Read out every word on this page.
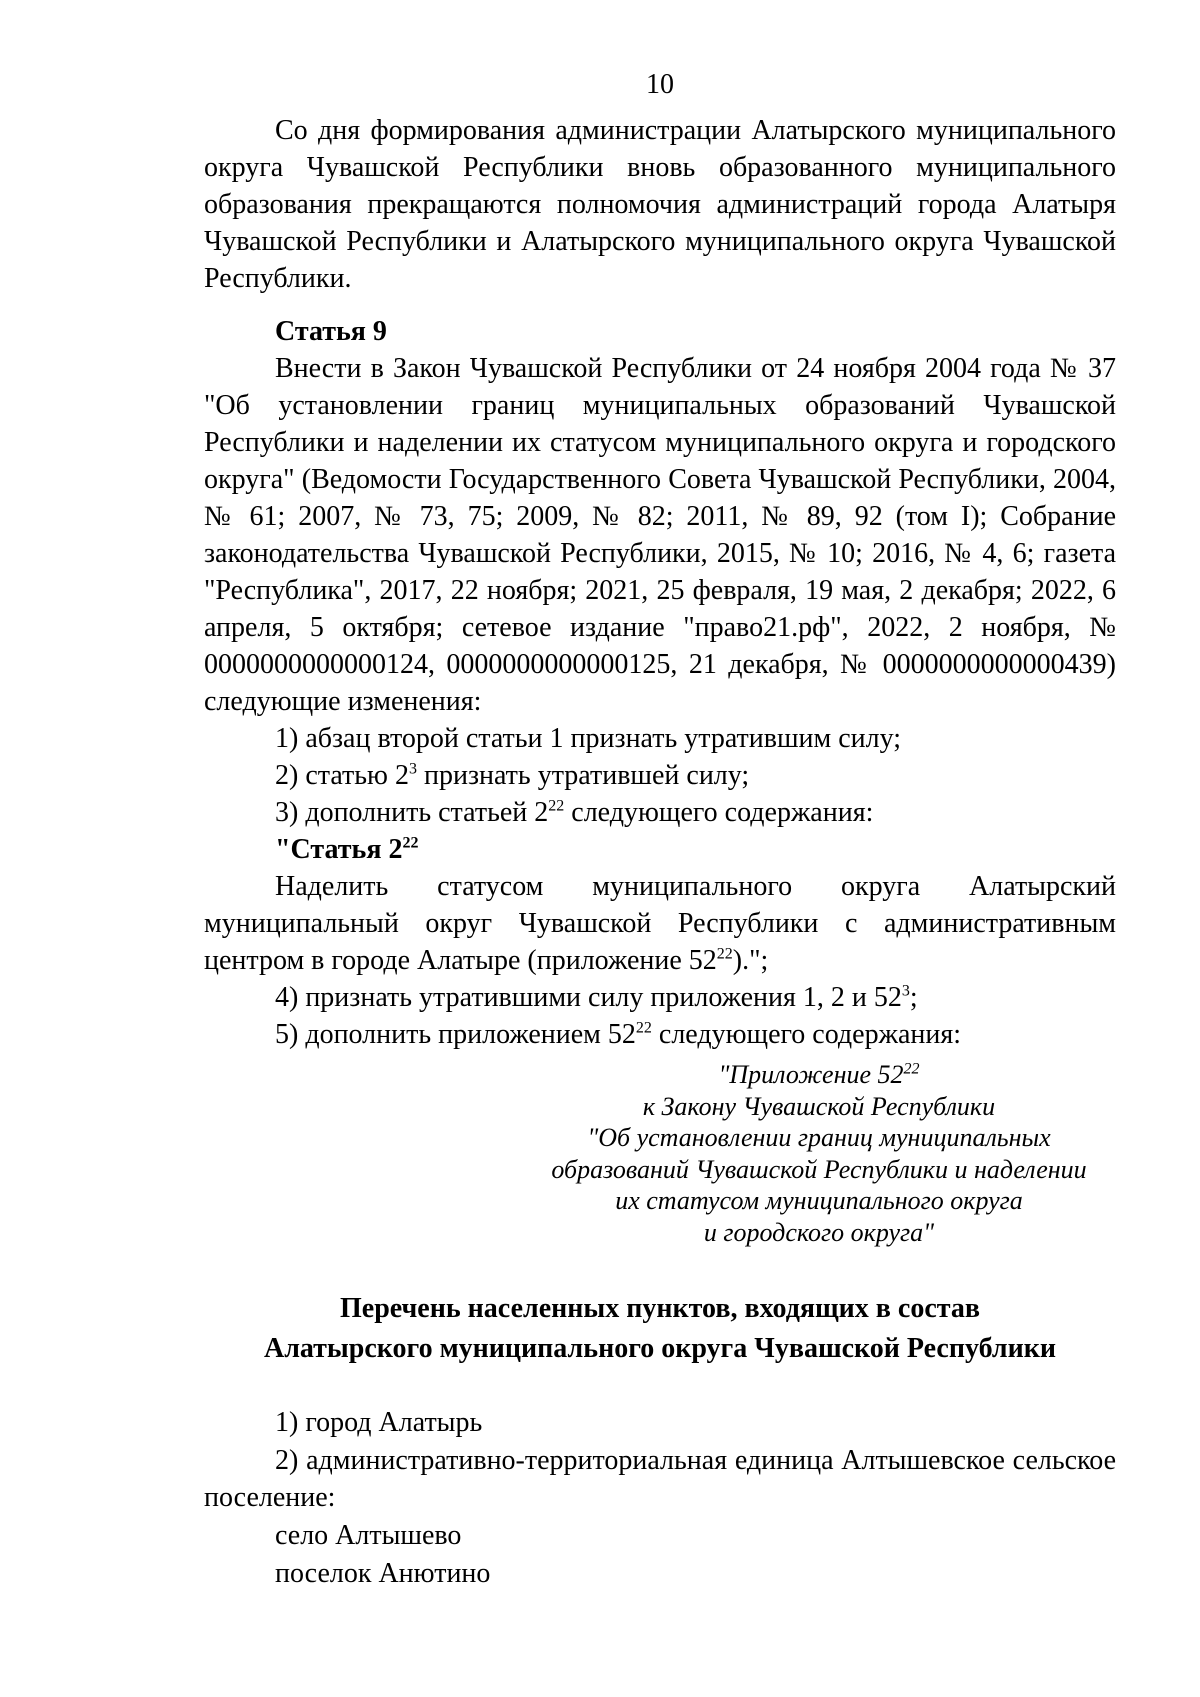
10

Со дня формирования администрации Алатырского муниципального округа Чувашской Республики вновь образованного муниципального образования прекращаются полномочия администраций города Алатыря Чувашской Республики и Алатырского муниципального округа Чувашской Республики.

Статья 9

Внести в Закон Чувашской Республики от 24 ноября 2004 года № 37 "Об установлении границ муниципальных образований Чувашской Республики и наделении их статусом муниципального округа и городского округа" (Ведомости Государственного Совета Чувашской Республики, 2004, № 61; 2007, № 73, 75; 2009, № 82; 2011, № 89, 92 (том I); Собрание законодательства Чувашской Республики, 2015, № 10; 2016, № 4, 6; газета "Республика", 2017, 22 ноября; 2021, 25 февраля, 19 мая, 2 декабря; 2022, 6 апреля, 5 октября; сетевое издание "право21.рф", 2022, 2 ноября, № 0000000000000124, 0000000000000125, 21 декабря, № 0000000000000439) следующие изменения:

1) абзац второй статьи 1 признать утратившим силу;

2) статью $2^3$ признать утратившей силу;

3) дополнить статьей $2^{22}$ следующего содержания:

"Статья $2^{22}$

Наделить статусом муниципального округа Алатырский муниципальный округ Чувашской Республики с административным центром в городе Алатыре (приложение $52^{22}$).";

4) признать утратившими силу приложения 1, 2 и $52^3$;

5) дополнить приложением $52^{22}$ следующего содержания:

"Приложение $52^{22}$
к Закону Чувашской Республики
"Об установлении границ муниципальных
образований Чувашской Республики и наделении
их статусом муниципального округа
и городского округа"
Перечень населенных пунктов, входящих в состав
Алатырского муниципального округа Чувашской Республики

1) город Алатырь

2) административно-территориальная единица Алтышевское сельское поселение:

село Алтышево

поселок Анютино
